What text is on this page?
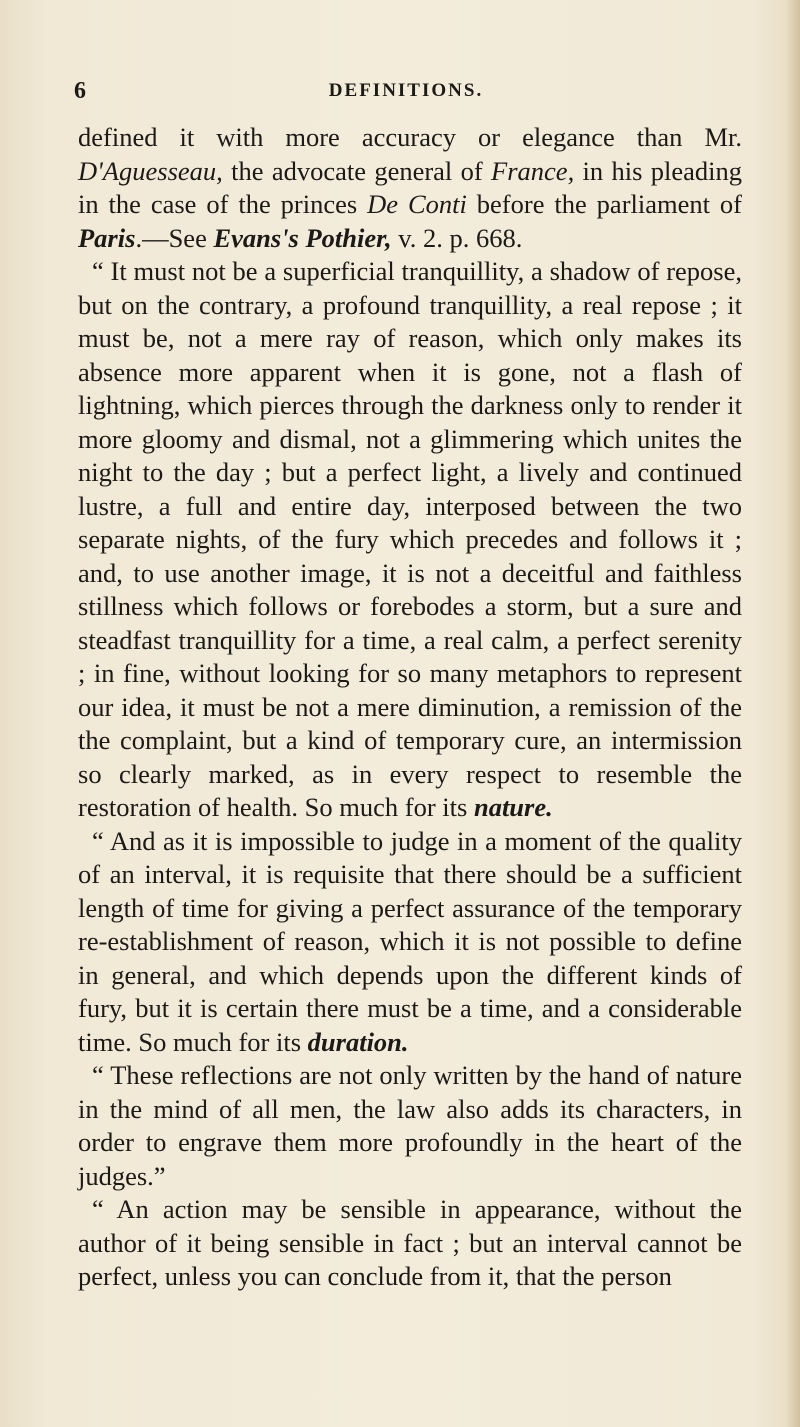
6	DEFINITIONS.

defined it with more accuracy or elegance than Mr. D'Aguesseau, the advocate general of France, in his pleading in the case of the princes De Conti before the parliament of Paris.—See Evans's Pothier, v. 2. p. 668.

“ It must not be a superficial tranquillity, a shadow of repose, but on the contrary, a profound tranquillity, a real repose ; it must be, not a mere ray of reason, which only makes its absence more apparent when it is gone, not a flash of lightning, which pierces through the darkness only to render it more gloomy and dismal, not a glimmering which unites the night to the day ; but a perfect light, a lively and continued lustre, a full and entire day, interposed between the two separate nights, of the fury which precedes and follows it ; and, to use another image, it is not a deceitful and faithless stillness which follows or forebodes a storm, but a sure and steadfast tranquillity for a time, a real calm, a perfect serenity ; in fine, without looking for so many metaphors to represent our idea, it must be not a mere diminution, a remission of the the complaint, but a kind of temporary cure, an intermission so clearly marked, as in every respect to resemble the restoration of health. So much for its nature.

“ And as it is impossible to judge in a moment of the quality of an interval, it is requisite that there should be a sufficient length of time for giving a perfect assurance of the temporary re-establishment of reason, which it is not possible to define in general, and which depends upon the different kinds of fury, but it is certain there must be a time, and a considerable time. So much for its duration.

“ These reflections are not only written by the hand of nature in the mind of all men, the law also adds its characters, in order to engrave them more profoundly in the heart of the judges.”

“ An action may be sensible in appearance, without the author of it being sensible in fact ; but an interval cannot be perfect, unless you can conclude from it, that the person
